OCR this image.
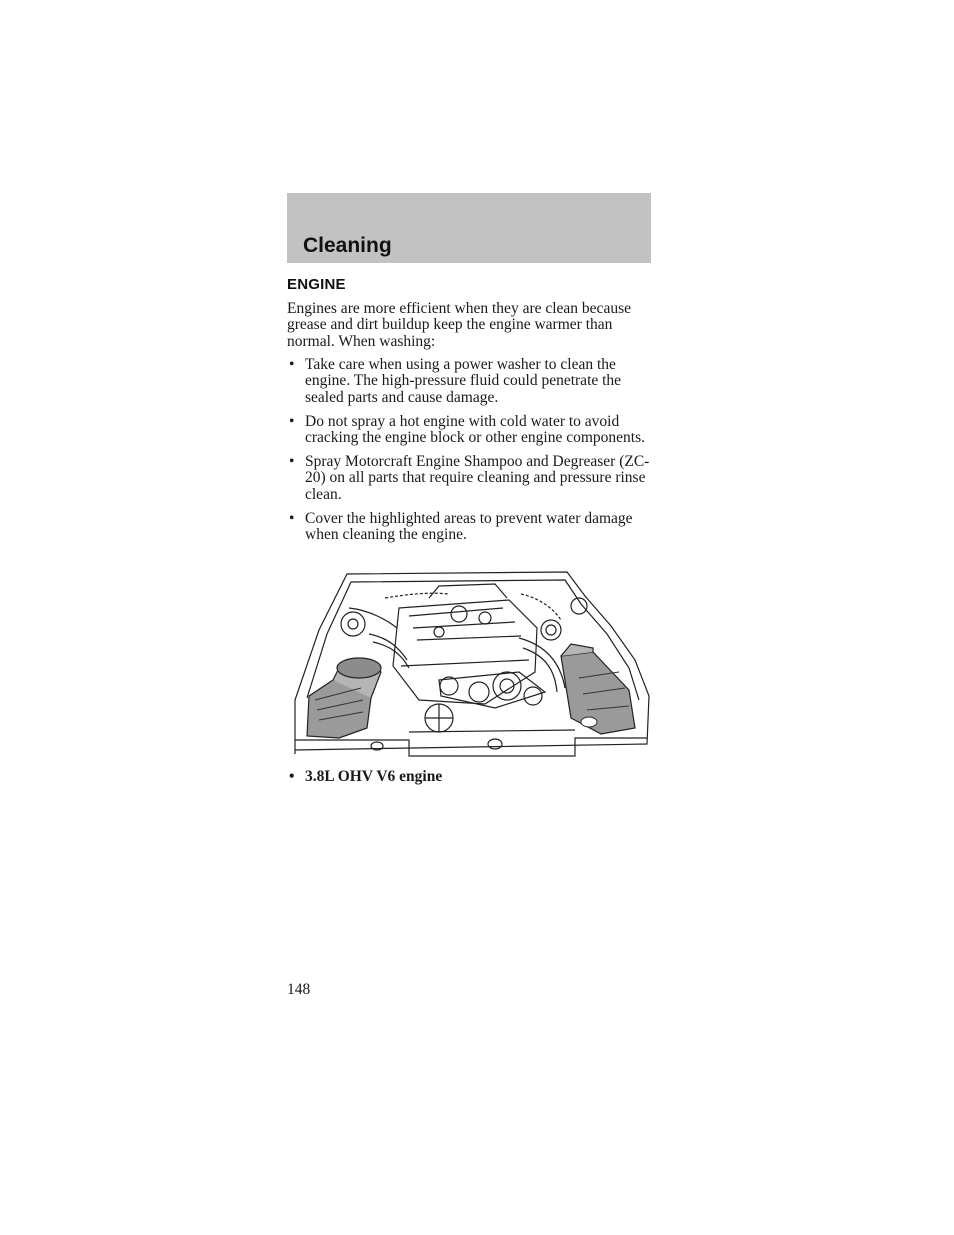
Cleaning
ENGINE

Engines are more efficient when they are clean because grease and dirt buildup keep the engine warmer than normal. When washing:

• Take care when using a power washer to clean the engine. The high-pressure fluid could penetrate the sealed parts and cause damage.
• Do not spray a hot engine with cold water to avoid cracking the engine block or other engine components.
• Spray Motorcraft Engine Shampoo and Degreaser (ZC-20) on all parts that require cleaning and pressure rinse clean.
• Cover the highlighted areas to prevent water damage when cleaning the engine.

• 3.8L OHV V6 engine

148
